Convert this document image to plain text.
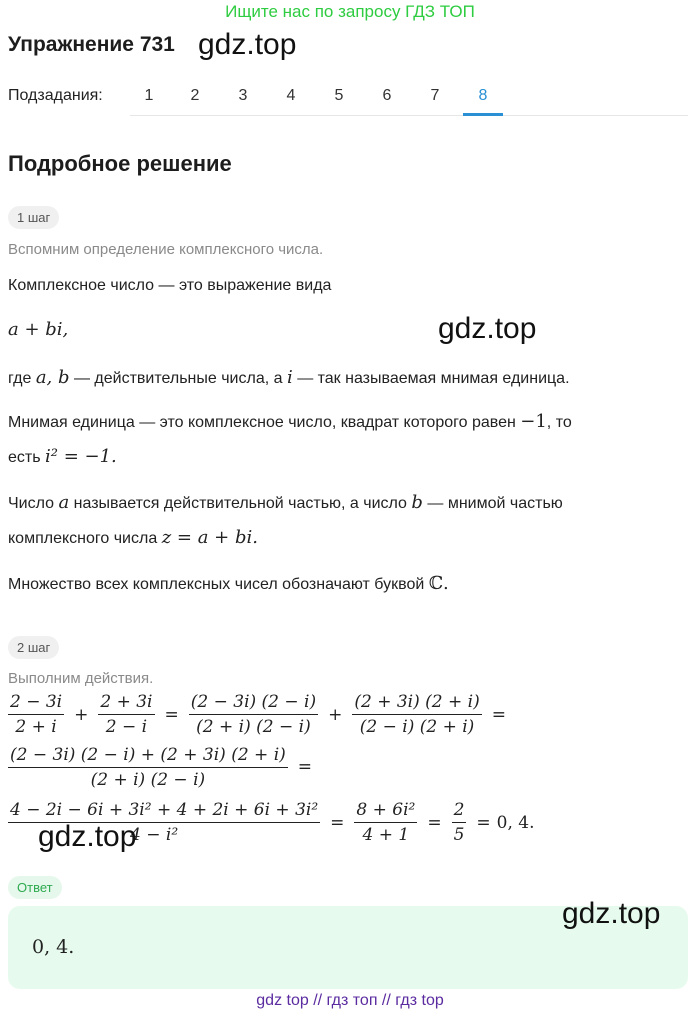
Ищите нас по запросу ГДЗ ТОП
Упражнение 731 gdz.top
Подзадания:	1	2	3	4	5	6	7	8
Подробное решение
1 шаг
Вспомним определение комплексного числа.
Комплексное число — это выражение вида
a + bi,	gdz.top
где a, b — действительные числа, а i — так называемая мнимая единица.
Мнимая единица — это комплексное число, квадрат которого равен −1, то
есть i² = −1.
Число a называется действительной частью, а число b — мнимой частью
комплексного числа z = a + bi.
Множество всех комплексных чисел обозначают буквой ℂ.
2 шаг
Выполним действия.
$\frac{2 - 3i}{2 + i} + \frac{2 + 3i}{2 - i} = \frac{(2 - 3i) (2 - i)}{(2 + i) (2 - i)} + \frac{(2 + 3i) (2 + i)}{(2 - i) (2 + i)}$ =
$\frac{(2 - 3i) (2 - i) + (2 + 3i) (2 + i)}{(2 + i) (2 - i)}$ =
$\frac{\text{4 − 2i − 6i + 3i² + 4 + 2i + 6i + 3i²}}{\text{4 − i²}} = \frac{\text{8 + 6i²}}{4 + 1} = \frac{2}{5} = 0$, 4.
gdz.top
Ответ
0, 4.
gdz.top
gdz top // гдз топ // гдз top
